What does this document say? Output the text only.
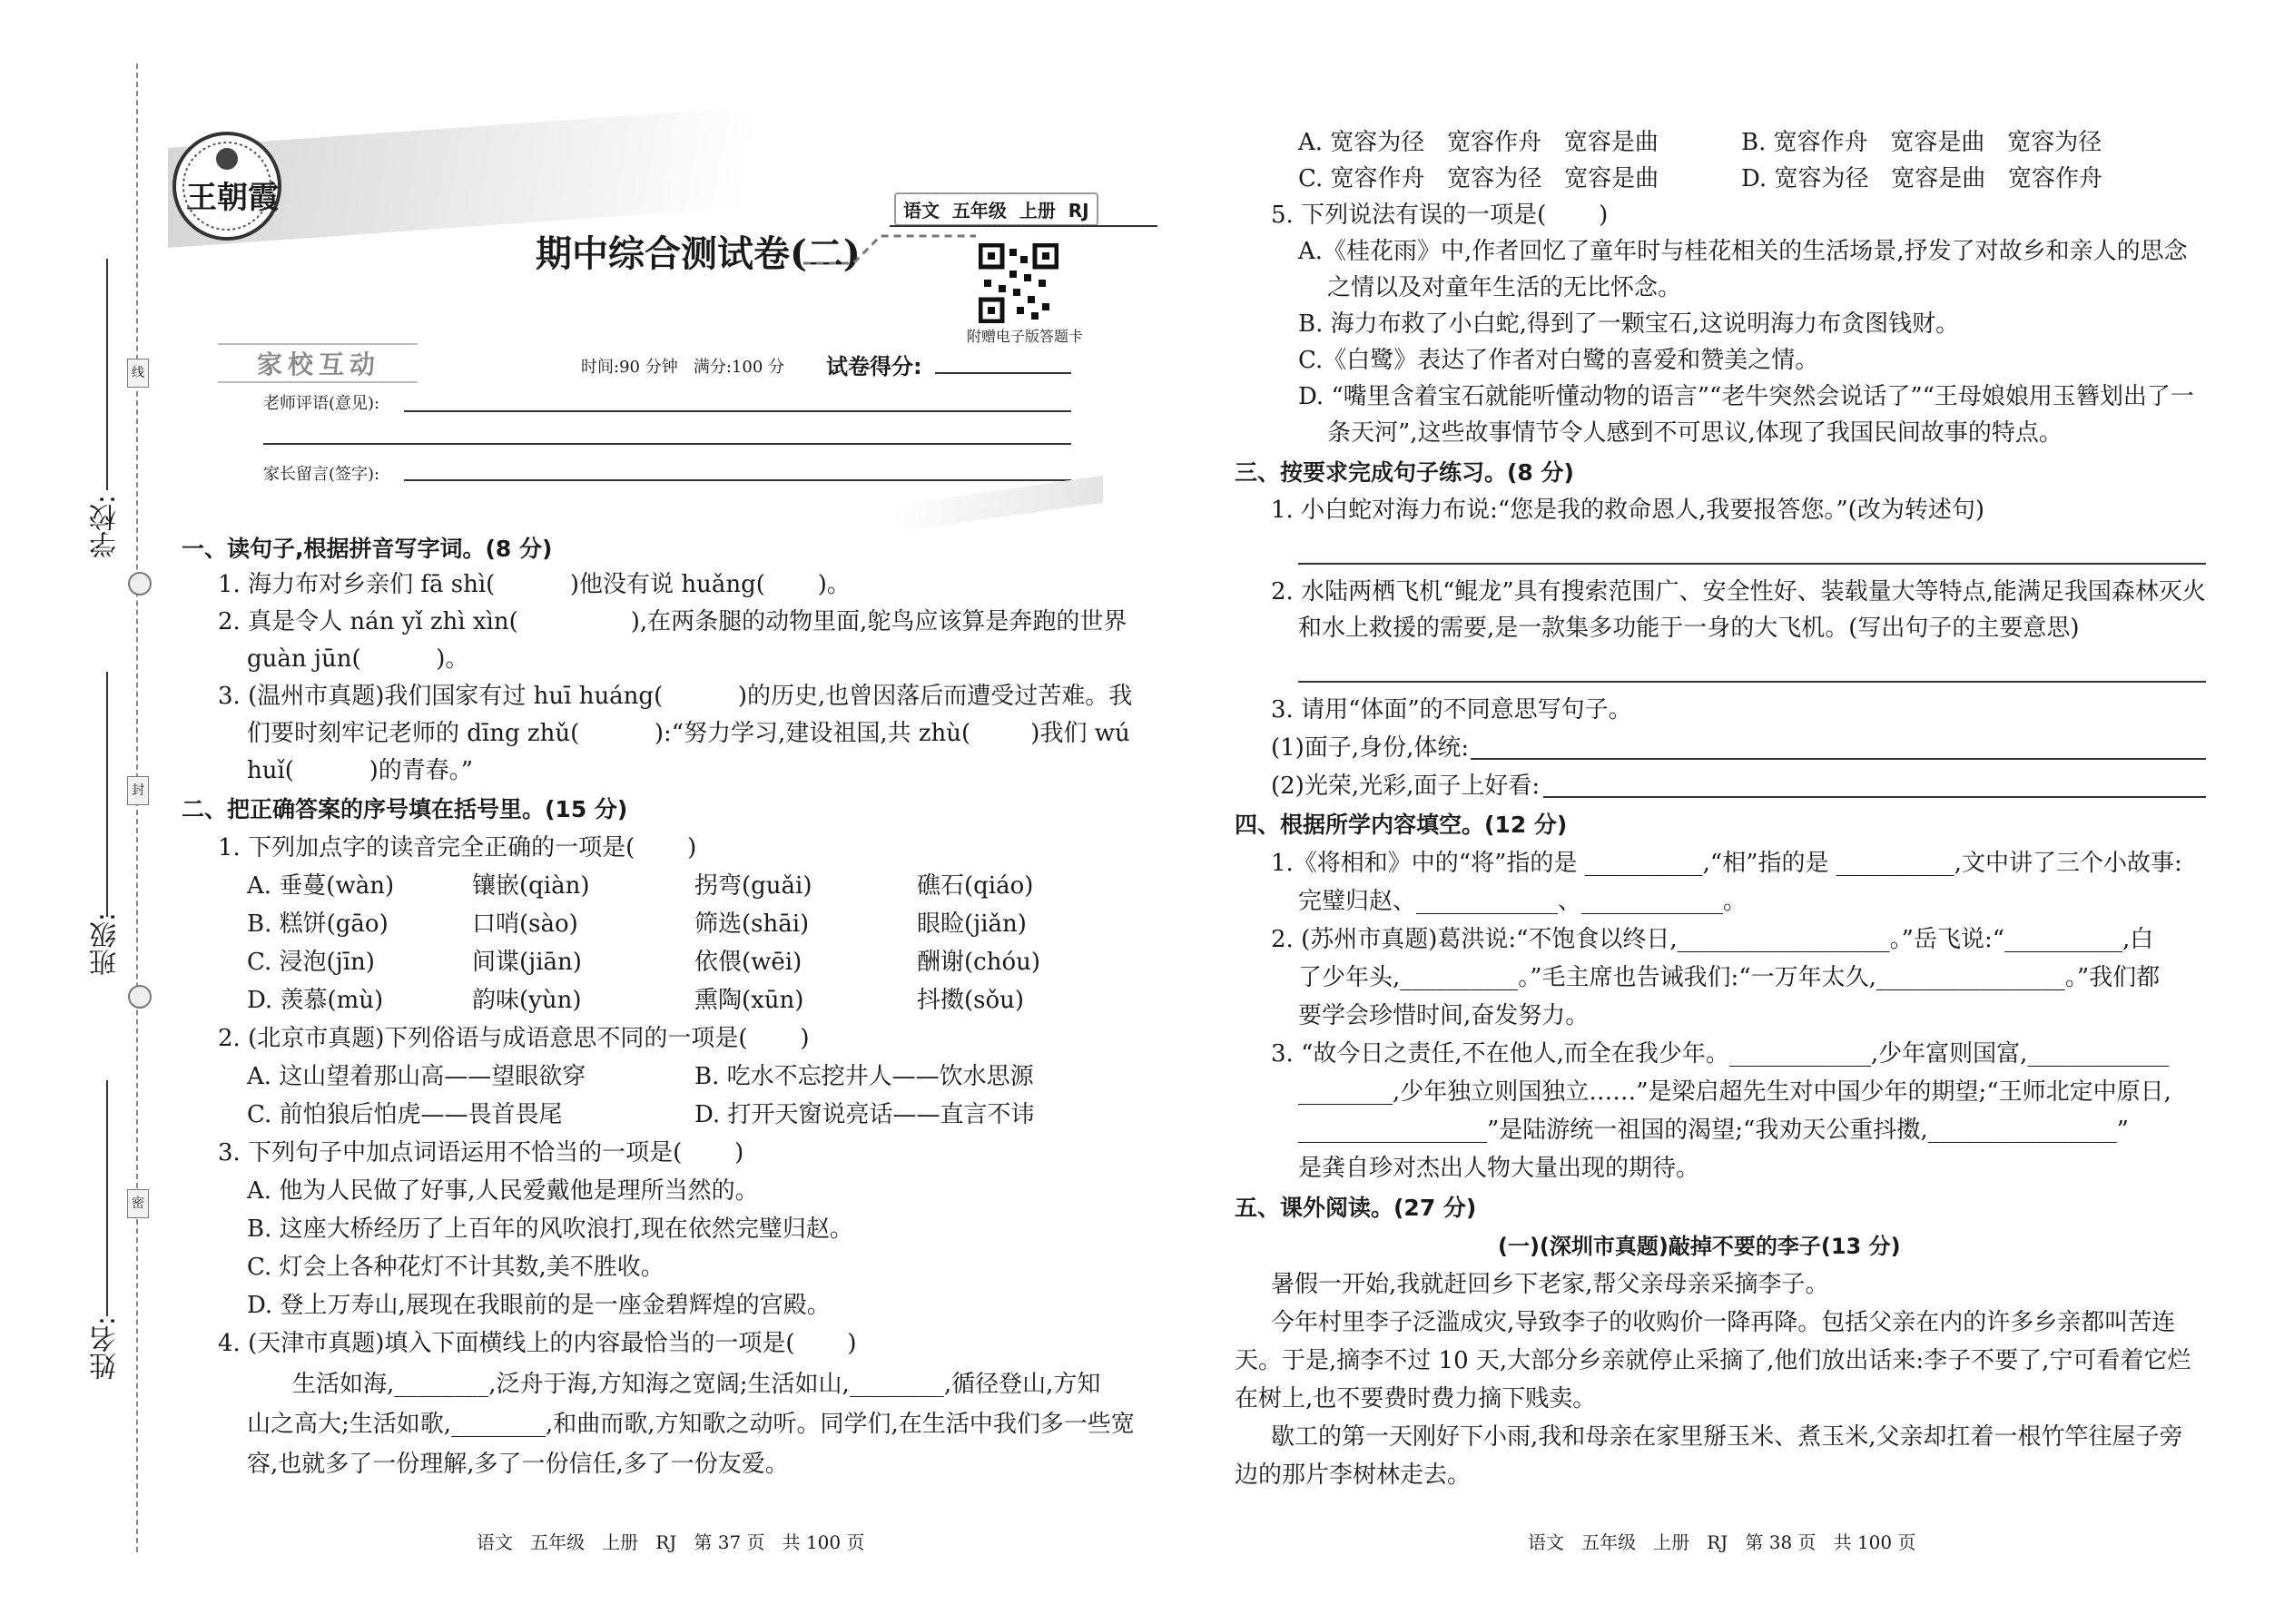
线
封
密
学校:
班级:
姓名:
王朝霞	语文  五年级  上册  RJ
期中综合测试卷(二)
附赠电子版答题卡
家校互动	时间:90 分钟   满分:100 分 试卷得分:
老师评语(意见):
家长留言(签字):
一、读句子,根据拼音写字词。(8 分)
1. 海力布对乡亲们 fā shì(          )他没有说 huǎng(       )。
2. 真是令人 nán yǐ zhì xìn(               ),在两条腿的动物里面,鸵鸟应该算是奔跑的世界
guàn jūn(          )。
3. (温州市真题)我们国家有过 huī huáng(          )的历史,也曾因落后而遭受过苦难。我
们要时刻牢记老师的 dīng zhǔ(          ):“努力学习,建设祖国,共 zhù(        )我们 wú
huǐ(          )的青春。”
二、把正确答案的序号填在括号里。(15 分)
1. 下列加点字的读音完全正确的一项是(       )
A. 垂蔓(wàn)	镶嵌(qiàn)	拐弯(guǎi)	礁石(qiáo)
B. 糕饼(gāo)	口哨(sào)	筛选(shāi)	眼睑(jiǎn)
C. 浸泡(jīn)	间谍(jiān)	依偎(wēi)	酬谢(chóu)
D. 羡慕(mù)	韵味(yùn)	熏陶(xūn)	抖擞(sǒu)
2. (北京市真题)下列俗语与成语意思不同的一项是(       )
A. 这山望着那山高——望眼欲穿	B. 吃水不忘挖井人——饮水思源
C. 前怕狼后怕虎——畏首畏尾	D. 打开天窗说亮话——直言不讳
3. 下列句子中加点词语运用不恰当的一项是(       )
A. 他为人民做了好事,人民爱戴他是理所当然的。
B. 这座大桥经历了上百年的风吹浪打,现在依然完璧归赵。
C. 灯会上各种花灯不计其数,美不胜收。
D. 登上万寿山,展现在我眼前的是一座金碧辉煌的宫殿。
4. (天津市真题)填入下面横线上的内容最恰当的一项是(       )
生活如海,________,泛舟于海,方知海之宽阔;生活如山,________,循径登山,方知
山之高大;生活如歌,________,和曲而歌,方知歌之动听。同学们,在生活中我们多一些宽
容,也就多了一份理解,多了一份信任,多了一份友爱。
语文   五年级   上册   RJ   第 37 页   共 100 页
A. 宽容为径   宽容作舟   宽容是曲	B. 宽容作舟   宽容是曲   宽容为径
C. 宽容作舟   宽容为径   宽容是曲	D. 宽容为径   宽容是曲   宽容作舟
5. 下列说法有误的一项是(       )
A.《桂花雨》中,作者回忆了童年时与桂花相关的生活场景,抒发了对故乡和亲人的思念
之情以及对童年生活的无比怀念。
B. 海力布救了小白蛇,得到了一颗宝石,这说明海力布贪图钱财。
C.《白鹭》表达了作者对白鹭的喜爱和赞美之情。
D. “嘴里含着宝石就能听懂动物的语言”“老牛突然会说话了”“王母娘娘用玉簪划出了一
条天河”,这些故事情节令人感到不可思议,体现了我国民间故事的特点。
三、按要求完成句子练习。(8 分)
1. 小白蛇对海力布说:“您是我的救命恩人,我要报答您。”(改为转述句)
2. 水陆两栖飞机“鲲龙”具有搜索范围广、安全性好、装载量大等特点,能满足我国森林灭火
和水上救援的需要,是一款集多功能于一身的大飞机。(写出句子的主要意思)
3. 请用“体面”的不同意思写句子。
(1)面子,身份,体统:
(2)光荣,光彩,面子上好看:
四、根据所学内容填空。(12 分)
1.《将相和》中的“将”指的是 __________,“相”指的是 __________,文中讲了三个小故事:
完璧归赵、____________、____________。
2. (苏州市真题)葛洪说:“不饱食以终日,__________________。”岳飞说:“__________,白
了少年头,__________。”毛主席也告诫我们:“一万年太久,________________。”我们都
要学会珍惜时间,奋发努力。
3. “故今日之责任,不在他人,而全在我少年。____________,少年富则国富,____________
________,少年独立则国独立……”是梁启超先生对中国少年的期望;“王师北定中原日,
________________”是陆游统一祖国的渴望;“我劝天公重抖擞,________________”
是龚自珍对杰出人物大量出现的期待。
五、课外阅读。(27 分)
(一)(深圳市真题)敲掉不要的李子(13 分)
暑假一开始,我就赶回乡下老家,帮父亲母亲采摘李子。
今年村里李子泛滥成灾,导致李子的收购价一降再降。包括父亲在内的许多乡亲都叫苦连
天。于是,摘李不过 10 天,大部分乡亲就停止采摘了,他们放出话来:李子不要了,宁可看着它烂
在树上,也不要费时费力摘下贱卖。
歇工的第一天刚好下小雨,我和母亲在家里掰玉米、煮玉米,父亲却扛着一根竹竿往屋子旁
边的那片李树林走去。
语文   五年级   上册   RJ   第 38 页   共 100 页
